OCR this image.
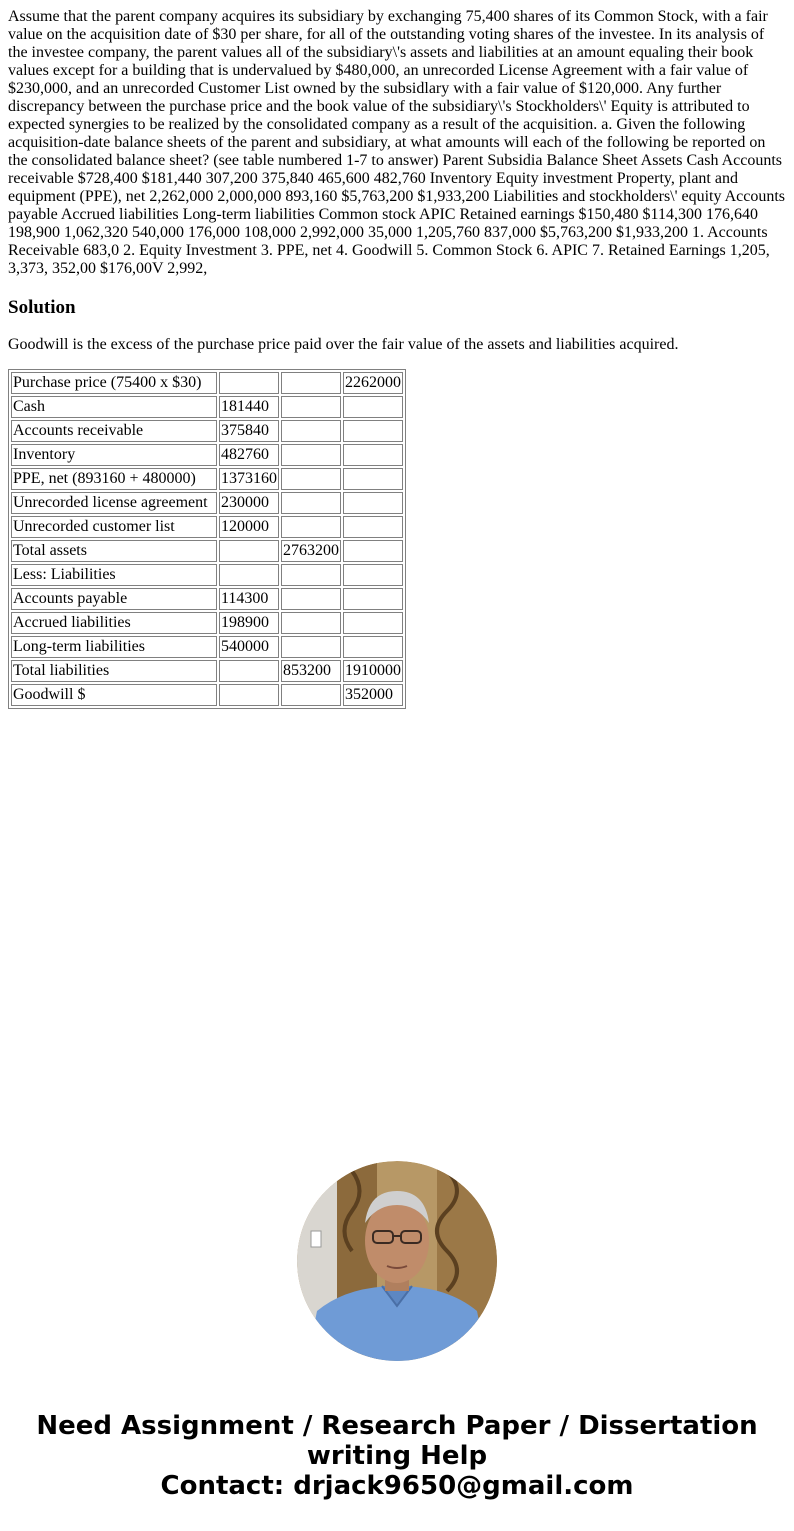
Assume that the parent company acquires its subsidiary by exchanging 75,400 shares of its Common Stock, with a fair value on the acquisition date of $30 per share, for all of the outstanding voting shares of the investee. In its analysis of the investee company, the parent values all of the subsidiary\'s assets and liabilities at an amount equaling their book values except for a building that is undervalued by $480,000, an unrecorded License Agreement with a fair value of $230,000, and an unrecorded Customer List owned by the subsidlary with a fair value of $120,000. Any further discrepancy between the purchase price and the book value of the subsidiary\'s Stockholders\' Equity is attributed to expected synergies to be realized by the consolidated company as a result of the acquisition. a. Given the following acquisition-date balance sheets of the parent and subsidiary, at what amounts will each of the following be reported on the consolidated balance sheet? (see table numbered 1-7 to answer) Parent Subsidia Balance Sheet Assets Cash Accounts receivable $728,400 $181,440 307,200 375,840 465,600 482,760 Inventory Equity investment Property, plant and equipment (PPE), net 2,262,000 2,000,000 893,160 $5,763,200 $1,933,200 Liabilities and stockholders\' equity Accounts payable Accrued liabilities Long-term liabilities Common stock APIC Retained earnings $150,480 $114,300 176,640 198,900 1,062,320 540,000 176,000 108,000 2,992,000 35,000 1,205,760 837,000 $5,763,200 $1,933,200 1. Accounts Receivable 683,0 2. Equity Investment 3. PPE, net 4. Goodwill 5. Common Stock 6. APIC 7. Retained Earnings 1,205, 3,373, 352,00 $176,00V 2,992,

Solution

Goodwill is the excess of the purchase price paid over the fair value of the assets and liabilities acquired.

Purchase price (75400 x $30)			2262000
Cash	181440		
Accounts receivable	375840		
Inventory	482760		
PPE, net (893160 + 480000)	1373160		
Unrecorded license agreement	230000		
Unrecorded customer list	120000		
Total assets		2763200	
Less: Liabilities			
Accounts payable	114300		
Accrued liabilities	198900		
Long-term liabilities	540000		
Total liabilities		853200	1910000
Goodwill $			352000
Need Assignment / Research Paper / Dissertation
writing Help
Contact: drjack9650@gmail.com
